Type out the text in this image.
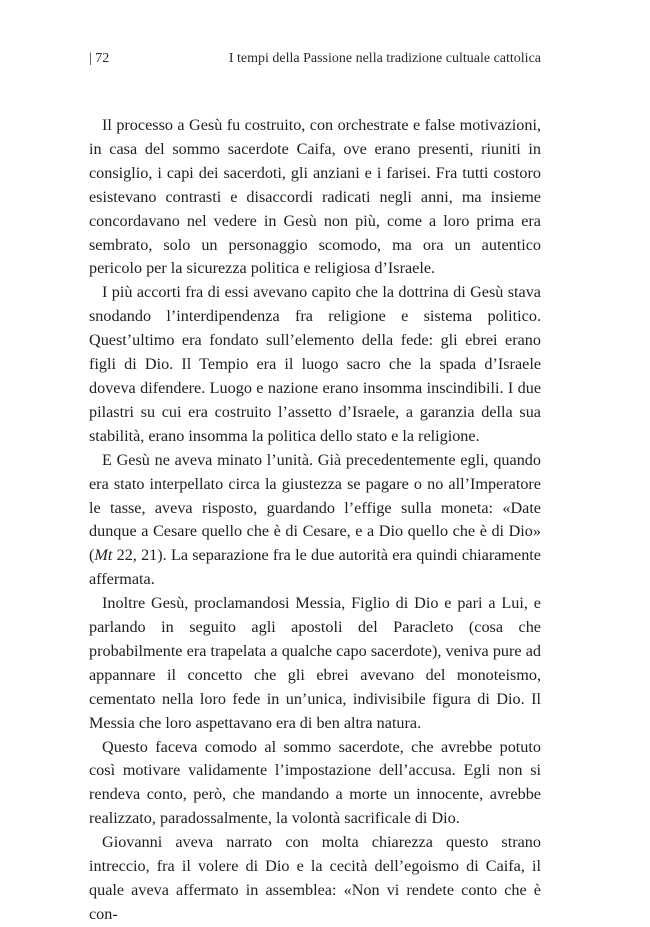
| 72	I tempi della Passione nella tradizione cultuale cattolica

Il processo a Gesù fu costruito, con orchestrate e false motivazioni, in casa del sommo sacerdote Caifa, ove erano presenti, riuniti in consiglio, i capi dei sacerdoti, gli anziani e i farisei. Fra tutti costoro esistevano contrasti e disaccordi radicati negli anni, ma insieme concordavano nel vedere in Gesù non più, come a loro prima era sembrato, solo un personaggio scomodo, ma ora un autentico pericolo per la sicurezza politica e religiosa d’Israele.

I più accorti fra di essi avevano capito che la dottrina di Gesù stava snodando l’interdipendenza fra religione e sistema politico. Quest’ultimo era fondato sull’elemento della fede: gli ebrei erano figli di Dio. Il Tempio era il luogo sacro che la spada d’Israele doveva difendere. Luogo e nazione erano insomma inscindibili. I due pilastri su cui era costruito l’assetto d’Israele, a garanzia della sua stabilità, erano insomma la politica dello stato e la religione.

E Gesù ne aveva minato l’unità. Già precedentemente egli, quando era stato interpellato circa la giustezza se pagare o no all’Imperatore le tasse, aveva risposto, guardando l’effige sulla moneta: «Date dunque a Cesare quello che è di Cesare, e a Dio quello che è di Dio» (Mt 22, 21). La separazione fra le due autorità era quindi chiaramente affermata.

Inoltre Gesù, proclamandosi Messia, Figlio di Dio e pari a Lui, e parlando in seguito agli apostoli del Paracleto (cosa che probabilmente era trapelata a qualche capo sacerdote), veniva pure ad appannare il concetto che gli ebrei avevano del monoteismo, cementato nella loro fede in un’unica, indivisibile figura di Dio. Il Messia che loro aspettavano era di ben altra natura.

Questo faceva comodo al sommo sacerdote, che avrebbe potuto così motivare validamente l’impostazione dell’accusa. Egli non si rendeva conto, però, che mandando a morte un innocente, avrebbe realizzato, paradossalmente, la volontà sacrificale di Dio.

Giovanni aveva narrato con molta chiarezza questo strano intreccio, fra il volere di Dio e la cecità dell’egoismo di Caifa, il quale aveva affermato in assemblea: «Non vi rendete conto che è con-
